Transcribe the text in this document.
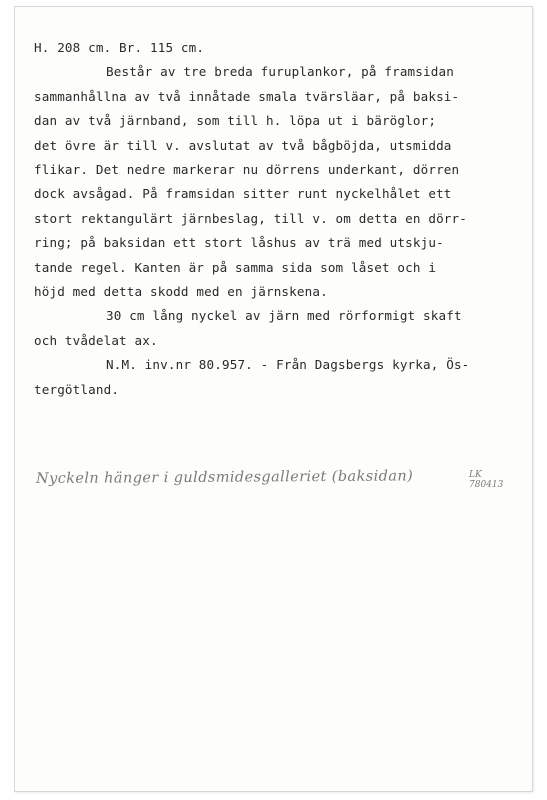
H. 208 cm. Br. 115 cm.
Består av tre breda furuplankor, på framsidan
sammanhållna av två innåtade smala tvärsläar, på baksi-
dan av två järnband, som till h. löpa ut i bäröglor;
det övre är till v. avslutat av två bågböjda, utsmidda
flikar. Det nedre markerar nu dörrens underkant, dörren
dock avsågad. På framsidan sitter runt nyckelhålet ett
stort rektangulärt järnbeslag, till v. om detta en dörr-
ring; på baksidan ett stort låshus av trä med utskju-
tande regel. Kanten är på samma sida som låset och i
höjd med detta skodd med en järnskena.
30 cm lång nyckel av järn med rörformigt skaft
och tvådelat ax.
N.M. inv.nr 80.957. - Från Dagsbergs kyrka, Ös-
tergötland.
Nyckeln hänger i guldsmidesgalleriet (baksidan)	LK
780413
